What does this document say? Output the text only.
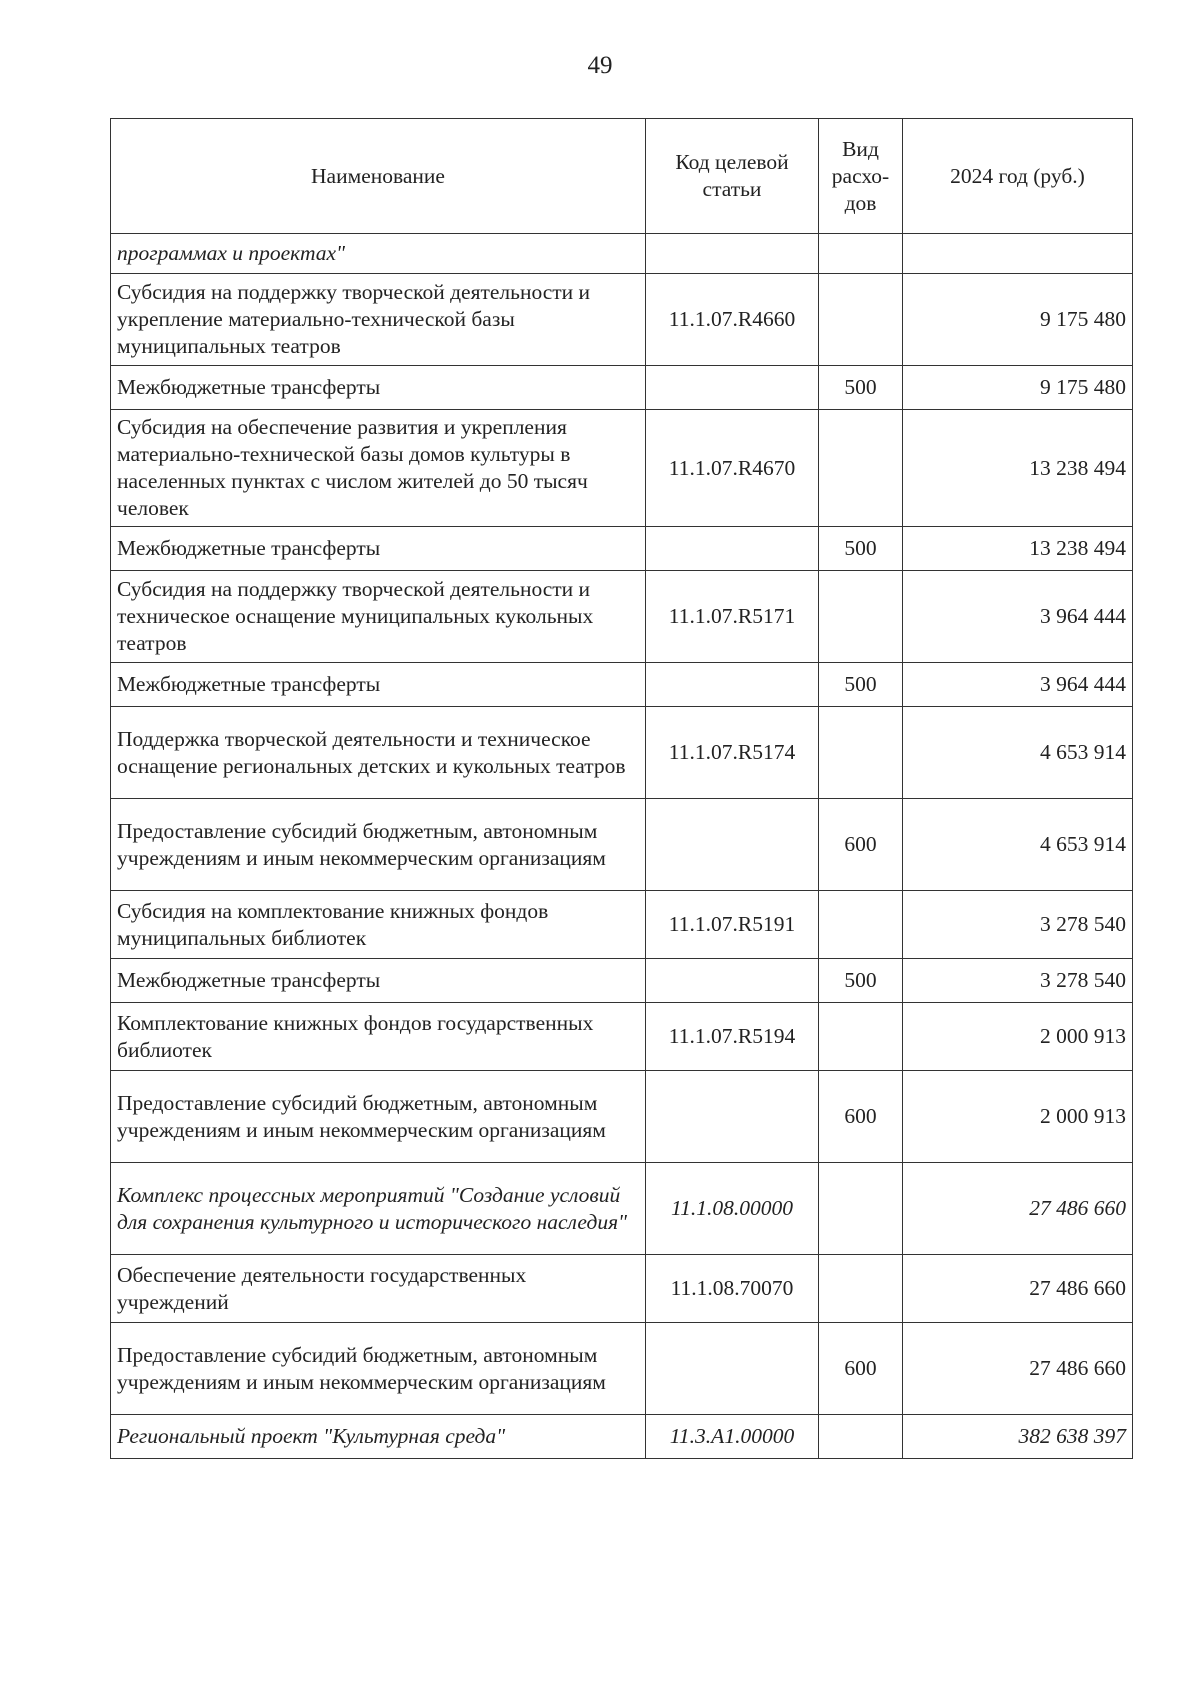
49
Наименование	Код целевой статьи	Вид расхо-дов	2024 год (руб.)
программах и проектах"			
Субсидия на поддержку творческой деятельности и укрепление материально-технической базы муниципальных театров	11.1.07.R4660		9 175 480
Межбюджетные трансферты		500	9 175 480
Субсидия на обеспечение развития и укрепления материально-технической базы домов культуры в населенных пунктах с числом жителей до 50 тысяч человек	11.1.07.R4670		13 238 494
Межбюджетные трансферты		500	13 238 494
Субсидия на поддержку творческой деятельности и техническое оснащение муниципальных кукольных театров	11.1.07.R5171		3 964 444
Межбюджетные трансферты		500	3 964 444
Поддержка творческой деятельности и техническое оснащение региональных детских и кукольных театров	11.1.07.R5174		4 653 914
Предоставление субсидий бюджетным, автономным учреждениям и иным некоммерческим организациям		600	4 653 914
Субсидия на комплектование книжных фондов муниципальных библиотек	11.1.07.R5191		3 278 540
Межбюджетные трансферты		500	3 278 540
Комплектование книжных фондов государственных библиотек	11.1.07.R5194		2 000 913
Предоставление субсидий бюджетным, автономным учреждениям и иным некоммерческим организациям		600	2 000 913
Комплекс процессных мероприятий "Создание условий для сохранения культурного и исторического наследия"	11.1.08.00000		27 486 660
Обеспечение деятельности государственных учреждений	11.1.08.70070		27 486 660
Предоставление субсидий бюджетным, автономным учреждениям и иным некоммерческим организациям		600	27 486 660
Региональный проект "Культурная среда"	11.3.А1.00000		382 638 397
